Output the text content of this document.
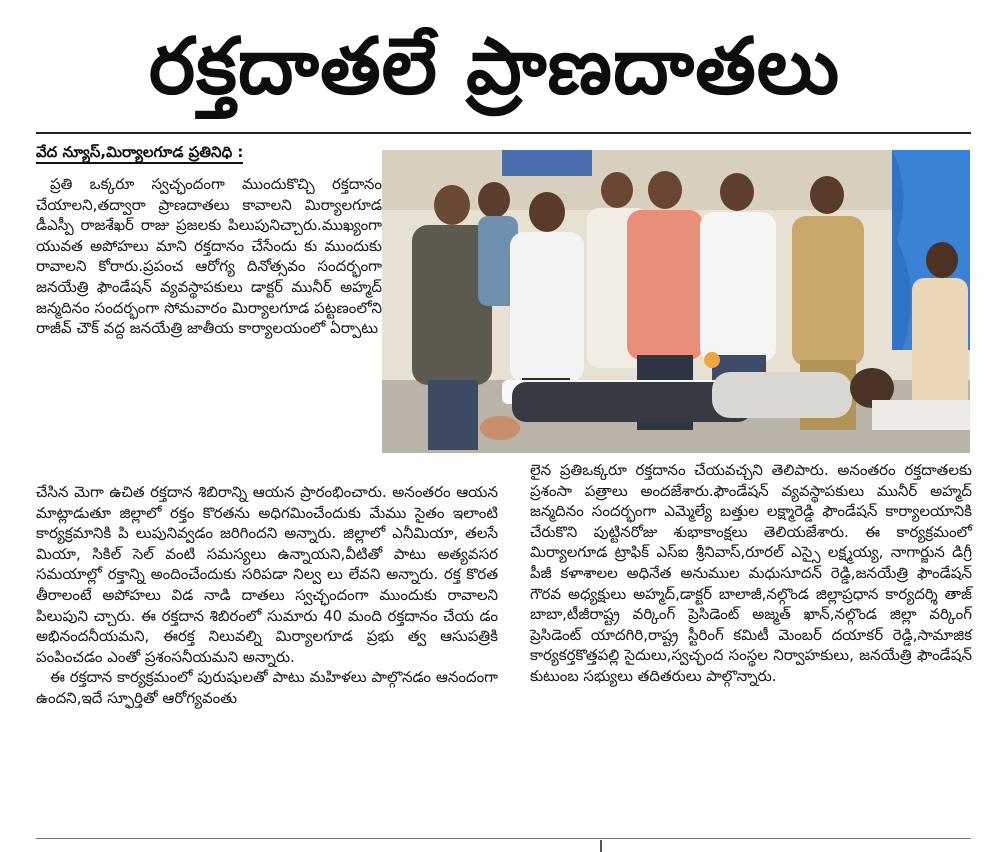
రక్తదాతలే ప్రాణదాతలు
వేద న్యూస్,మిర్యాలగూడ ప్రతినిధి :

ప్రతి ఒక్కరూ స్వచ్ఛందంగా ముందుకొచ్చి రక్తదానం చేయాలని,తద్వారా ప్రాణదాతలు కావాలని మిర్యాలగూడ డీఎస్పీ రాజశేఖర్ రాజు ప్రజలకు పిలుపునిచ్చారు.ముఖ్యంగా యువత అపోహలు మాని రక్తదానం చేసేందు కు ముందుకు రావాలని కోరారు.ప్రపంచ ఆరోగ్య దినోత్సవం సందర్భంగా జనయేత్రి ఫౌండేషన్ వ్యవస్థాపకులు డాక్టర్ మునీర్ అహ్మద్ జన్మదినం సందర్భంగా సోమవారం మిర్యాలగూడ పట్టణంలోని రాజీవ్ చౌక్ వద్ద జనయేత్రి జాతీయ కార్యాలయంలో ఏర్పాటు

చేసిన మెగా ఉచిత రక్తదాన శిబిరాన్ని ఆయన ప్రారంభించారు. అనంతరం ఆయన మాట్లాడుతూ జిల్లాలో రక్తం కొరతను అధిగమించేందుకు మేము సైతం ఇలాంటి కార్యక్రమానికి పి లుపునివ్వడం జరిగిందని అన్నారు. జిల్లాలో ఎనీమియా, తలసే మియా, సికిల్ సెల్ వంటి సమస్యలు ఉన్నాయని,వీటితో పాటు అత్యవసర సమయాల్లో రక్తాన్ని అందించేందుకు సరిపడా నిల్వ లు లేవని అన్నారు. రక్త కొరత తీరాలంటే అపోహలు విడ నాడి దాతలు స్వచ్ఛందంగా ముందుకు రావాలని పిలుపుని చ్చారు. ఈ రక్తదాన శిబిరంలో సుమారు 40 మంది రక్తదానం చేయ డం అభినందనీయమని, ఈరక్త నిలువల్ని మిర్యాలగూడ ప్రభు త్వ ఆసుపత్రికి పంపించడం ఎంతో ప్రశంసనీయమని అన్నారు.

ఈ రక్తదాన కార్యక్రమంలో పురుషులతో పాటు మహిళలు పాల్గొనడం ఆనందంగా ఉందని,ఇదే స్ఫూర్తితో ఆరోగ్యవంతు

లైన ప్రతిఒక్కరూ రక్తదానం చేయవచ్చని తెలిపారు. అనంతరం రక్తదాతలకు ప్రశంసా పత్రాలు అందజేశారు.ఫౌండేషన్ వ్యవస్థాపకులు మునీర్ అహ్మద్ జన్మదినం సందర్భంగా ఎమ్మెల్యే బత్తుల లక్ష్మారెడ్డి ఫౌండేషన్ కార్యాలయానికి చేరుకొని పుట్టినరోజు శుభాకాంక్షలు తెలియజేశారు. ఈ కార్యక్రమంలో మిర్యాలగూడ ట్రాఫిక్ ఎస్ఐ శ్రీనివాస్,రూరల్ ఎస్సై లక్ష్మయ్య, నాగార్జున డిగ్రీ పీజీ కళాశాలల అధినేత అనుముల మధుసూదన్ రెడ్డి,జనయేత్రి ఫౌండేషన్ గౌరవ అధ్యక్షులు అహ్మద్,డాక్టర్ బాలాజీ,నల్గొండ జిల్లాప్రధాన కార్యదర్శి తాజ్ బాబా,టీజీరాష్ట్ర వర్కింగ్ ప్రెసిడెంట్ అజ్మత్ ఖాన్,నల్గొండ జిల్లా వర్కింగ్ ప్రెసిడెంట్ యాదగిరి,రాష్ట్ర స్టీరింగ్ కమిటీ మెంబర్ దయాకర్ రెడ్డి,సామాజిక కార్యకర్తకొత్తపల్లి సైదులు,స్వచ్ఛంద సంస్థల నిర్వాహకులు, జనయేత్రి ఫౌండేషన్ కుటుంబ సభ్యులు తదితరులు పాల్గొన్నారు.
